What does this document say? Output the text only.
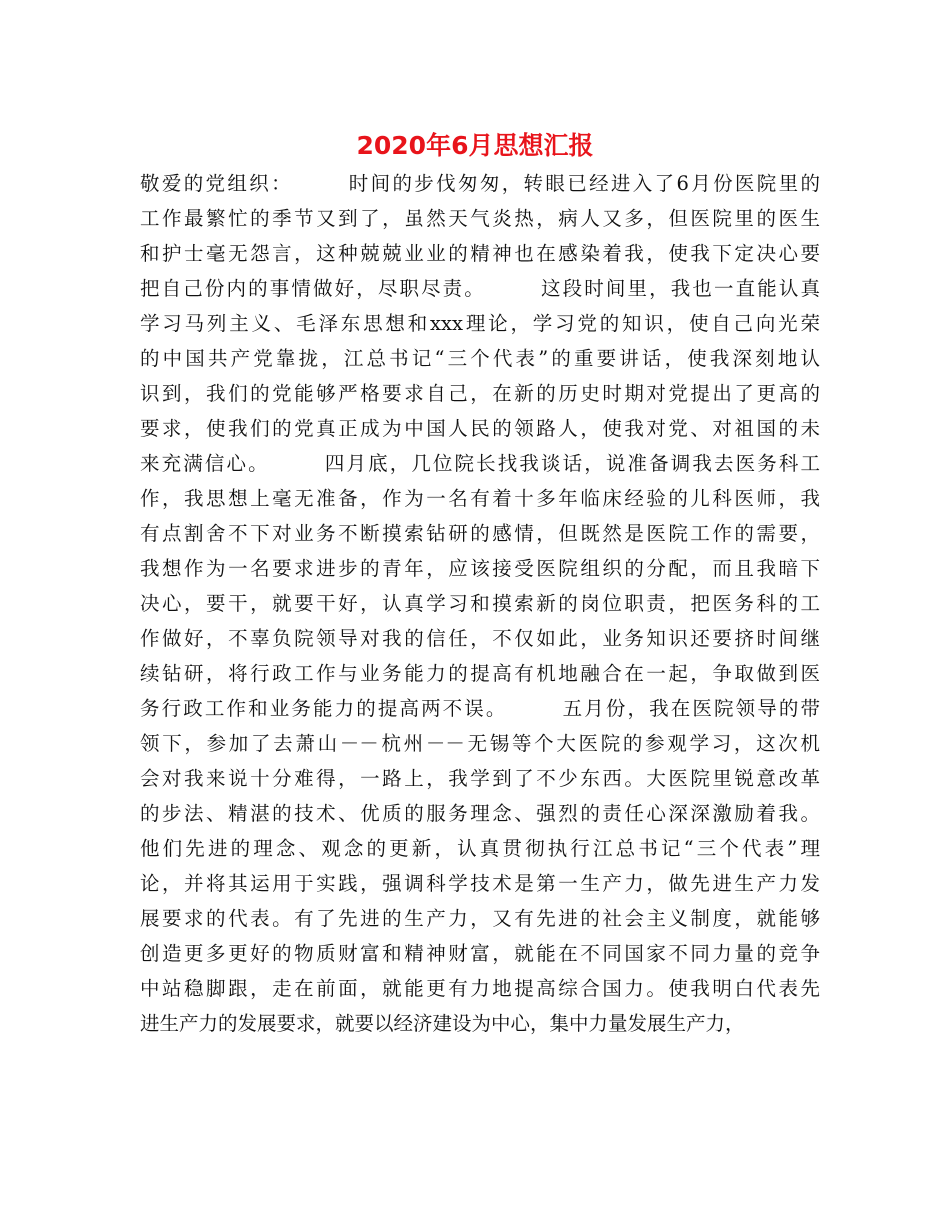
2020年6月思想汇报
敬爱的党组织：　　　时间的步伐匆匆，转眼已经进入了6月份医院里的
工作最繁忙的季节又到了，虽然天气炎热，病人又多，但医院里的医生
和护士毫无怨言，这种兢兢业业的精神也在感染着我，使我下定决心要
把自己份内的事情做好，尽职尽责。　　　这段时间里，我也一直能认真
学习马列主义、毛泽东思想和xxx理论，学习党的知识，使自己向光荣
的中国共产党靠拢，江总书记“三个代表”的重要讲话，使我深刻地认
识到，我们的党能够严格要求自己，在新的历史时期对党提出了更高的
要求，使我们的党真正成为中国人民的领路人，使我对党、对祖国的未
来充满信心。　　　四月底，几位院长找我谈话，说准备调我去医务科工
作，我思想上毫无准备，作为一名有着十多年临床经验的儿科医师，我
有点割舍不下对业务不断摸索钻研的感情，但既然是医院工作的需要，
我想作为一名要求进步的青年，应该接受医院组织的分配，而且我暗下
决心，要干，就要干好，认真学习和摸索新的岗位职责，把医务科的工
作做好，不辜负院领导对我的信任，不仅如此，业务知识还要挤时间继
续钻研，将行政工作与业务能力的提高有机地融合在一起，争取做到医
务行政工作和业务能力的提高两不误。　　　五月份，我在医院领导的带
领下，参加了去萧山－－杭州－－无锡等个大医院的参观学习，这次机
会对我来说十分难得，一路上，我学到了不少东西。大医院里锐意改革
的步法、精湛的技术、优质的服务理念、强烈的责任心深深激励着我。
他们先进的理念、观念的更新，认真贯彻执行江总书记“三个代表”理
论，并将其运用于实践，强调科学技术是第一生产力，做先进生产力发
展要求的代表。有了先进的生产力，又有先进的社会主义制度，就能够
创造更多更好的物质财富和精神财富，就能在不同国家不同力量的竞争
中站稳脚跟，走在前面，就能更有力地提高综合国力。使我明白代表先
进生产力的发展要求，就要以经济建设为中心，集中力量发展生产力，
